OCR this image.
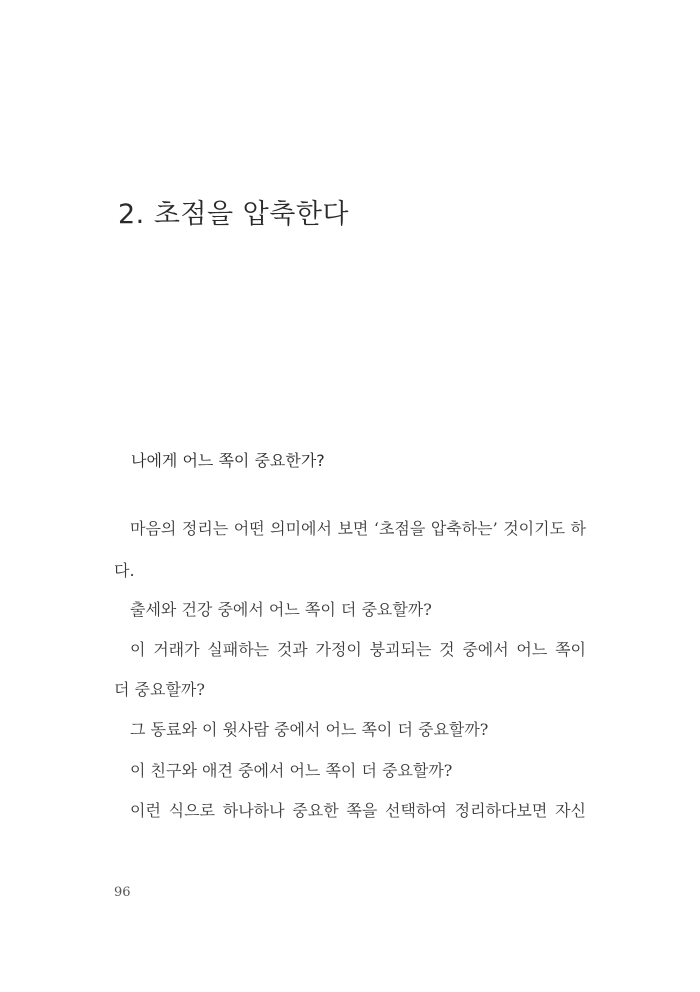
2. 초점을 압축한다
나에게 어느 쪽이 중요한가?
마음의 정리는 어떤 의미에서 보면 ‘초점을 압축하는’ 것이기도 하
다.
출세와 건강 중에서 어느 쪽이 더 중요할까?
이 거래가 실패하는 것과 가정이 붕괴되는 것 중에서 어느 쪽이
더 중요할까?
그 동료와 이 윗사람 중에서 어느 쪽이 더 중요할까?
이 친구와 애견 중에서 어느 쪽이 더 중요할까?
이런 식으로 하나하나 중요한 쪽을 선택하여 정리하다보면 자신
96
